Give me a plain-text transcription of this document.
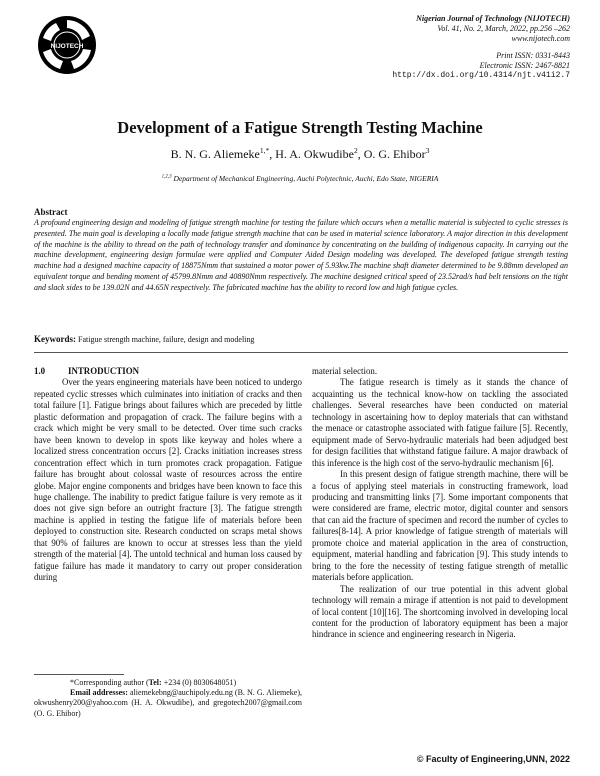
NIJOTECH
Nigerian Journal of Technology (NIJOTECH)
Vol. 41, No. 2, March, 2022, pp.256 –262
www.nijotech.com
Print ISSN: 0331-8443
Electronic ISSN: 2467-8821
http://dx.doi.org/10.4314/njt.v41i2.7
Development of a Fatigue Strength Testing Machine
B. N. G. Aliemeke$^{1,*}$, H. A. Okwudibe$^2$, O. G. Ehibor$^3$
$^{1,2,3}$ Department of Mechanical Engineering, Auchi Polytechnic, Auchi, Edo State, NIGERIA
Abstract

A profound engineering design and modeling of fatigue strength machine for testing the failure which occurs when a metallic material is subjected to cyclic stresses is presented. The main goal is developing a locally made fatigue strength machine that can be used in material science laboratory. A major direction in this development of the machine is the ability to thread on the path of technology transfer and dominance by concentrating on the building of indigenous capacity. In carrying out the machine development, engineering design formulae were applied and Computer Aided Design modeling was developed. The developed fatigue strength testing machine had a designed machine capacity of 18875Nmm that sustained a motor power of 5.93kw.The machine shaft diameter determined to be 9.88mm developed an equivalent torque and bending moment of 45799.8Nmm and 40890Nmm respectively. The machine designed critical speed of 23.52rad/s had belt tensions on the tight and slack sides to be 139.02N and 44.65N respectively. The fabricated machine has the ability to record low and high fatigue cycles.

Keywords: Fatigue strength machine, failure, design and modeling

1.0	INTRODUCTION

Over the years engineering materials have been noticed to undergo repeated cyclic stresses which culminates into initiation of cracks and then total failure [1]. Fatigue brings about failures which are preceded by little plastic deformation and propagation of crack. The failure begins with a crack which might be very small to be detected. Over time such cracks have been known to develop in spots like keyway and holes where a localized stress concentration occurs [2]. Cracks initiation increases stress concentration effect which in turn promotes crack propagation. Fatigue failure has brought about colossal waste of resources across the entire globe. Major engine components and bridges have been known to face this huge challenge. The inability to predict fatigue failure is very remote as it does not give sign before an outright fracture [3]. The fatigue strength machine is applied in testing the fatigue life of materials before been deployed to construction site. Research conducted on scraps metal shows that 90% of failures are known to occur at stresses less than the yield strength of the material [4]. The untold technical and human loss caused by fatigue failure has made it mandatory to carry out proper consideration during

material selection.

The fatigue research is timely as it stands the chance of acquainting us the technical know-how on tackling the associated challenges. Several researches have been conducted on material technology in ascertaining how to deploy materials that can withstand the menace or catastrophe associated with fatigue failure [5]. Recently, equipment made of Servo-hydraulic materials had been adjudged best for design facilities that withstand fatigue failure. A major drawback of this inference is the high cost of the servo-hydraulic mechanism [6].

In this present design of fatigue strength machine, there will be a focus of applying steel materials in constructing framework, load producing and transmitting links [7]. Some important components that were considered are frame, electric motor, digital counter and sensors that can aid the fracture of specimen and record the number of cycles to failures[8-14]. A prior knowledge of fatigue strength of materials will promote choice and material application in the area of construction, equipment, material handling and fabrication [9]. This study intends to bring to the fore the necessity of testing fatigue strength of metallic materials before application.

The realization of our true potential in this advent global technology will remain a mirage if attention is not paid to development of local content [10][16]. The shortcoming involved in developing local content for the production of laboratory equipment has been a major hindrance in science and engineering research in Nigeria.

*Corresponding author (Tel: +234 (0) 8030648051)

Email addresses: aliemekebng@auchipoly.edu.ng (B. N. G. Aliemeke), okwushenry200@yahoo.com (H. A. Okwudibe), and gregotech2007@gmail.com (O. G. Ehibor)

© Faculty of Engineering,UNN, 2022
